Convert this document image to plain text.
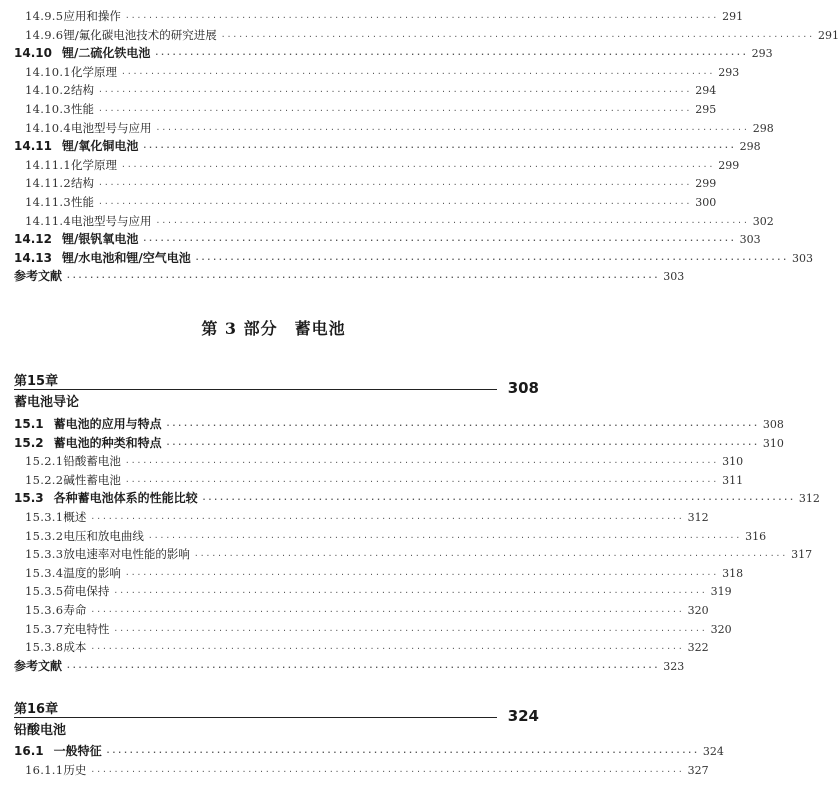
14.9.5 应用和操作 ······································································································ 291
14.9.6 锂/氟化碳电池技术的研究进展 ······································································································ 291
14.10 锂/二硫化铁电池 ······································································································ 293
14.10.1 化学原理 ······································································································ 293
14.10.2 结构 ······································································································ 294
14.10.3 性能 ······································································································ 295
14.10.4 电池型号与应用 ······································································································ 298
14.11 锂/氧化铜电池 ······································································································ 298
14.11.1 化学原理 ······································································································ 299
14.11.2 结构 ······································································································ 299
14.11.3 性能 ······································································································ 300
14.11.4 电池型号与应用 ······································································································ 302
14.12 锂/银钒氧电池 ······································································································ 303
14.13 锂/水电池和锂/空气电池 ······································································································ 303
参考文献 ······································································································ 303
第 3 部分　蓄电池
第15章
蓄电池导论
308
15.1 蓄电池的应用与特点 ······································································································ 308
15.2 蓄电池的种类和特点 ······································································································ 310
15.2.1 铅酸蓄电池 ······································································································ 310
15.2.2 碱性蓄电池 ······································································································ 311
15.3 各种蓄电池体系的性能比较 ······································································································ 312
15.3.1 概述 ······································································································ 312
15.3.2 电压和放电曲线 ······································································································ 316
15.3.3 放电速率对电性能的影响 ······································································································ 317
15.3.4 温度的影响 ······································································································ 318
15.3.5 荷电保持 ······································································································ 319
15.3.6 寿命 ······································································································ 320
15.3.7 充电特性 ······································································································ 320
15.3.8 成本 ······································································································ 322
参考文献 ······································································································ 323
第16章
铅酸电池
324
16.1 一般特征 ······································································································ 324
16.1.1 历史 ······································································································ 327
